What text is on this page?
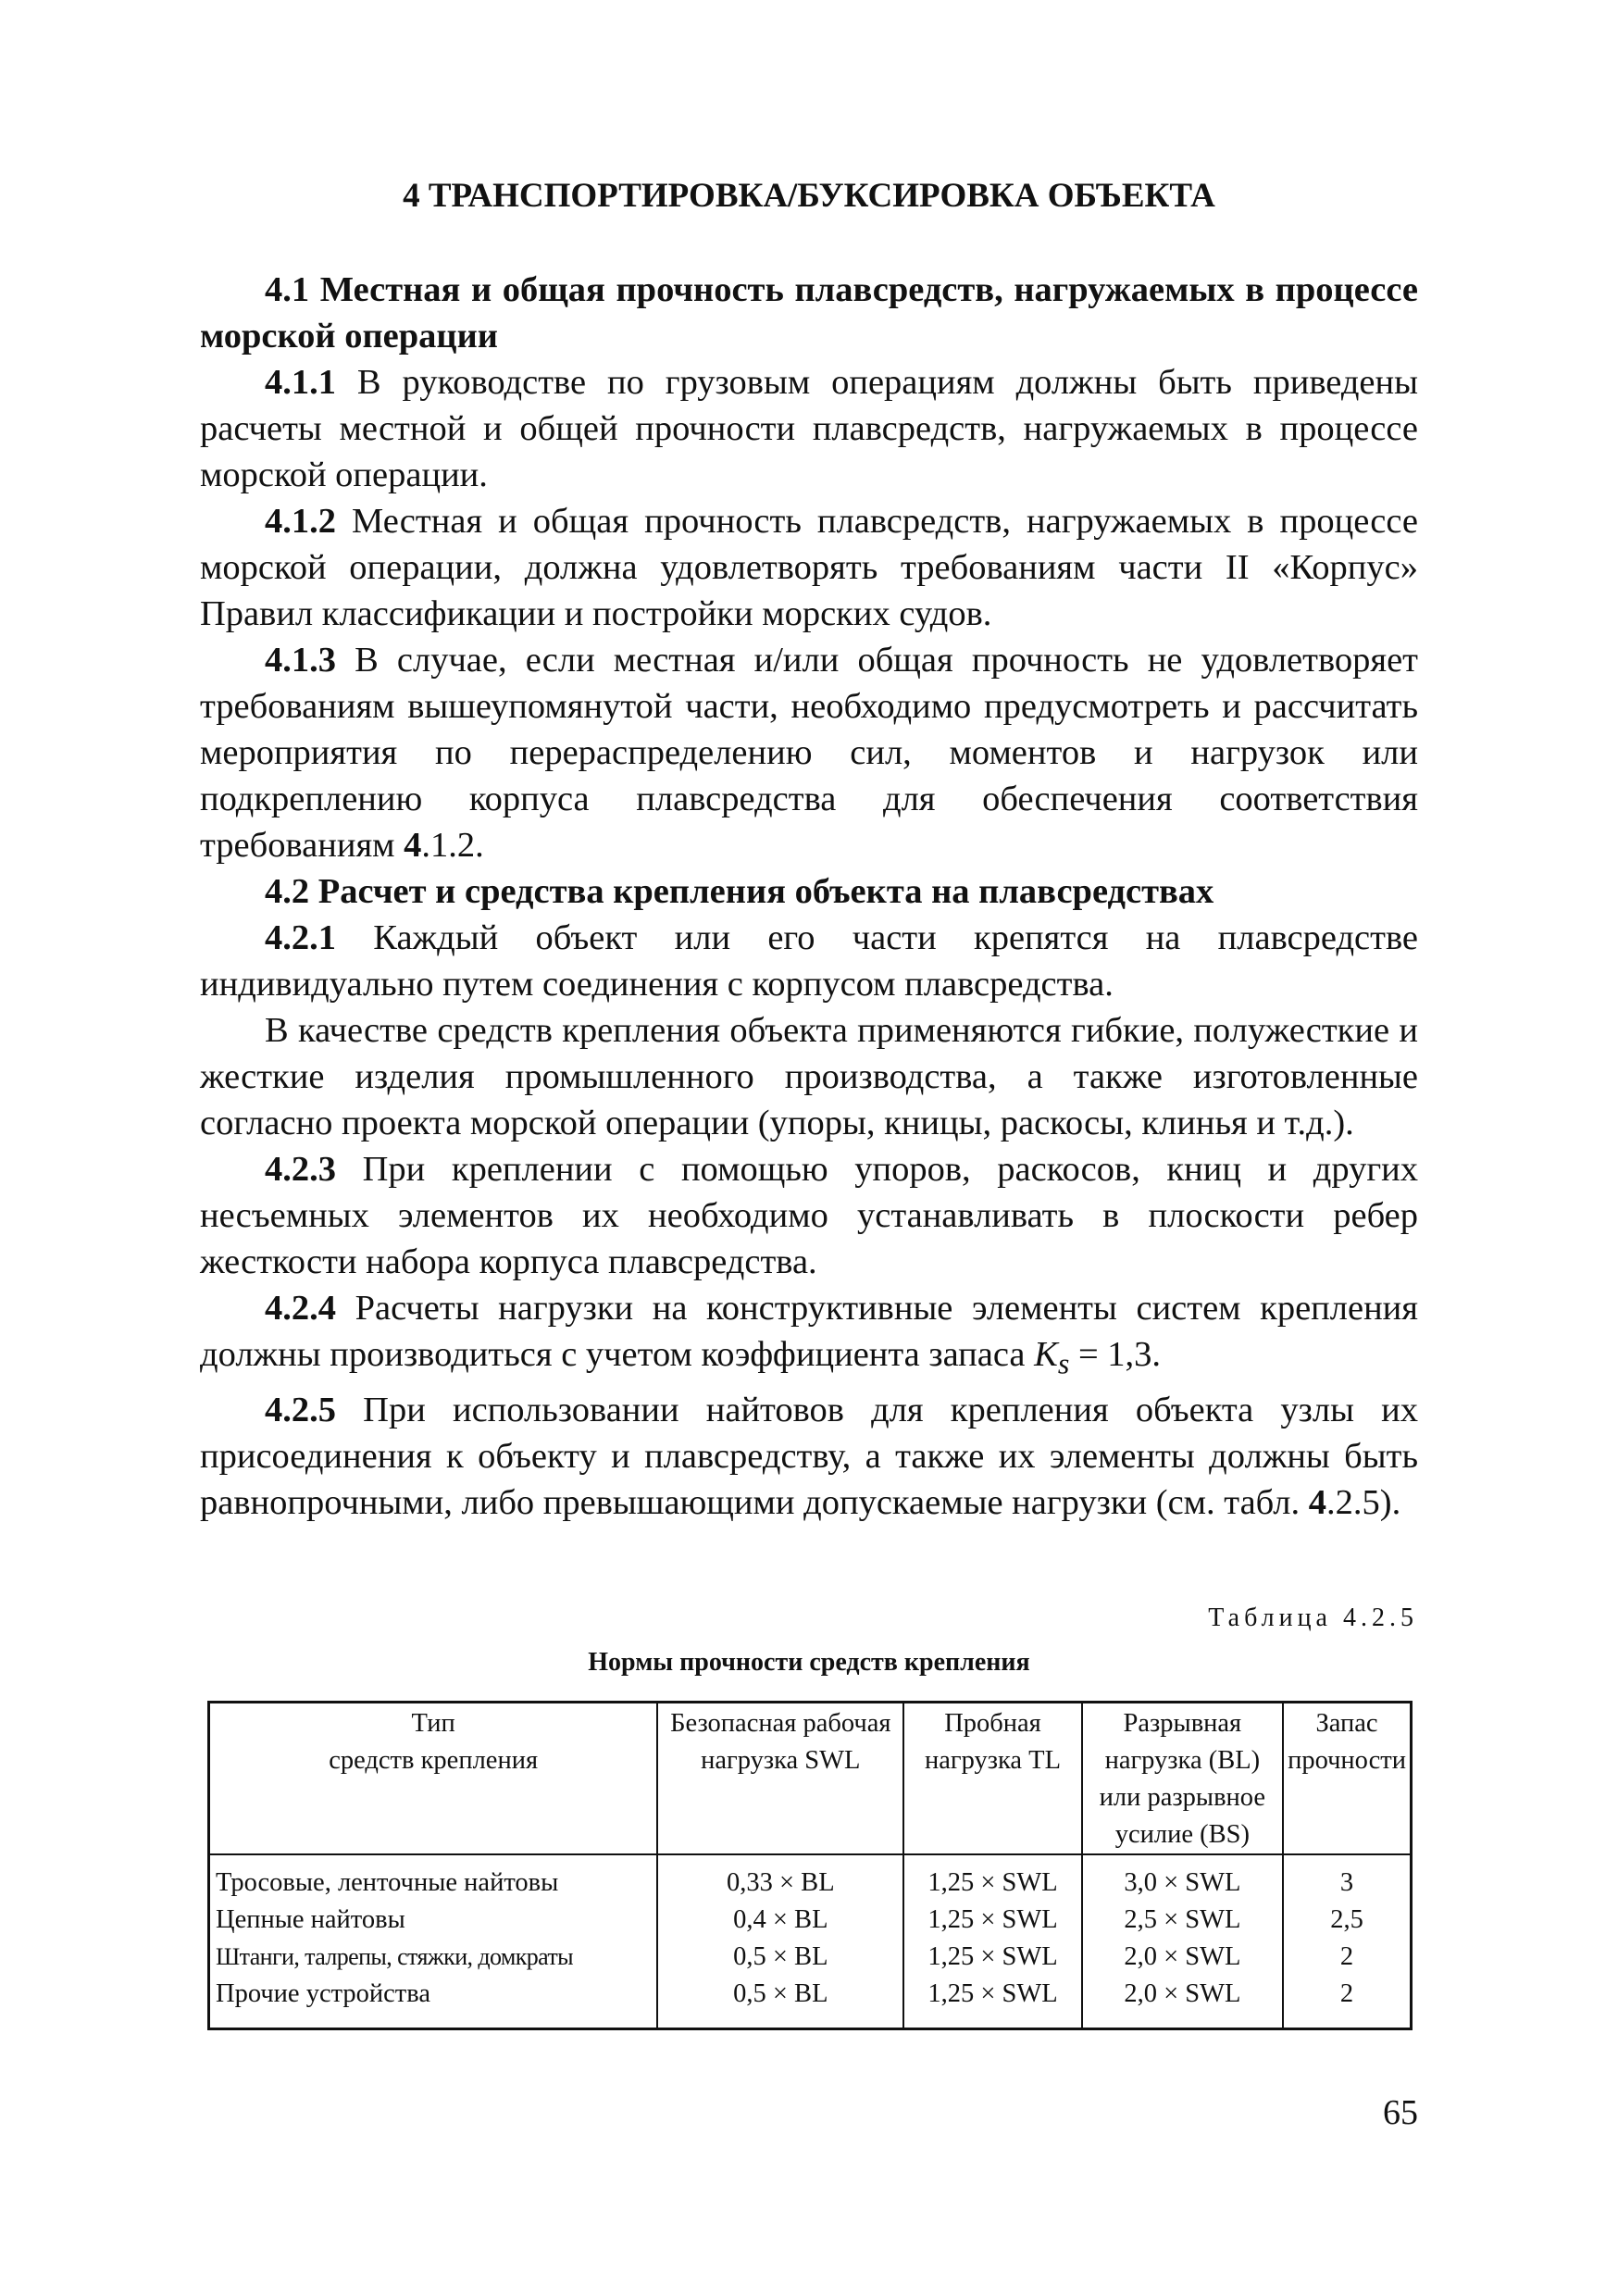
4 ТРАНСПОРТИРОВКА/БУКСИРОВКА ОБЪЕКТА

4.1 Местная и общая прочность плавсредств, нагружаемых в процессе морской операции

4.1.1 В руководстве по грузовым операциям должны быть приведены расчеты местной и общей прочности плавсредств, нагружаемых в процессе морской операции.

4.1.2 Местная и общая прочность плавсредств, нагружаемых в процессе морской операции, должна удовлетворять требованиям части II «Корпус» Правил классификации и постройки морских судов.

4.1.3 В случае, если местная и/или общая прочность не удовлетворяет требованиям вышеупомянутой части, необходимо предусмотреть и рассчитать мероприятия по перераспределению сил, моментов и нагрузок или подкреплению корпуса плавсредства для обеспечения соответствия требованиям 4.1.2.

4.2 Расчет и средства крепления объекта на плавсредствах

4.2.1 Каждый объект или его части крепятся на плавсредстве индивидуально путем соединения с корпусом плавсредства.

В качестве средств крепления объекта применяются гибкие, полужесткие и жесткие изделия промышленного производства, а также изготовленные согласно проекта морской операции (упоры, кницы, раскосы, клинья и т.д.).

4.2.3 При креплении с помощью упоров, раскосов, книц и других несъемных элементов их необходимо устанавливать в плоскости ребер жесткости набора корпуса плавсредства.

4.2.4 Расчеты нагрузки на конструктивные элементы систем крепления должны производиться с учетом коэффициента запаса $K_s = 1,3$.

4.2.5 При использовании найтовов для крепления объекта узлы их присоединения к объекту и плавсредству, а также их элементы должны быть равнопрочными, либо превышающими допускаемые нагрузки (см. табл. 4.2.5).

Таблица 4.2.5
Нормы прочности средств крепления
Тип
средств крепления	Безопасная рабочая нагрузка SWL	Пробная нагрузка TL	Разрывная нагрузка (BL) или разрывное усилие (BS)	Запас прочности
Тросовые, ленточные найтовы	0,33 × BL	1,25 × SWL	3,0 × SWL	3
Цепные найтовы	0,4 × BL	1,25 × SWL	2,5 × SWL	2,5
Штанги, талрепы, стяжки, домкраты	0,5 × BL	1,25 × SWL	2,0 × SWL	2
Прочие устройства	0,5 × BL	1,25 × SWL	2,0 × SWL	2
65
